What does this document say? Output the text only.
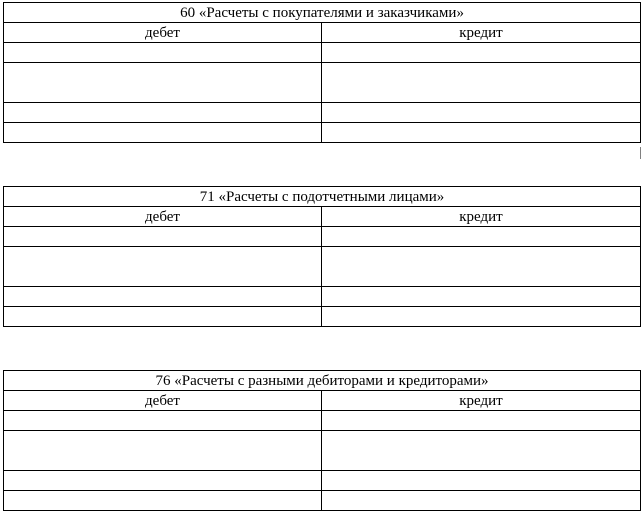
60 «Расчеты с покупателями и заказчиками»	
дебет	кредит

71 «Расчеты с подотчетными лицами»	
дебет	кредит

76 «Расчеты с разными дебиторами и кредиторами»	
дебет	кредит
